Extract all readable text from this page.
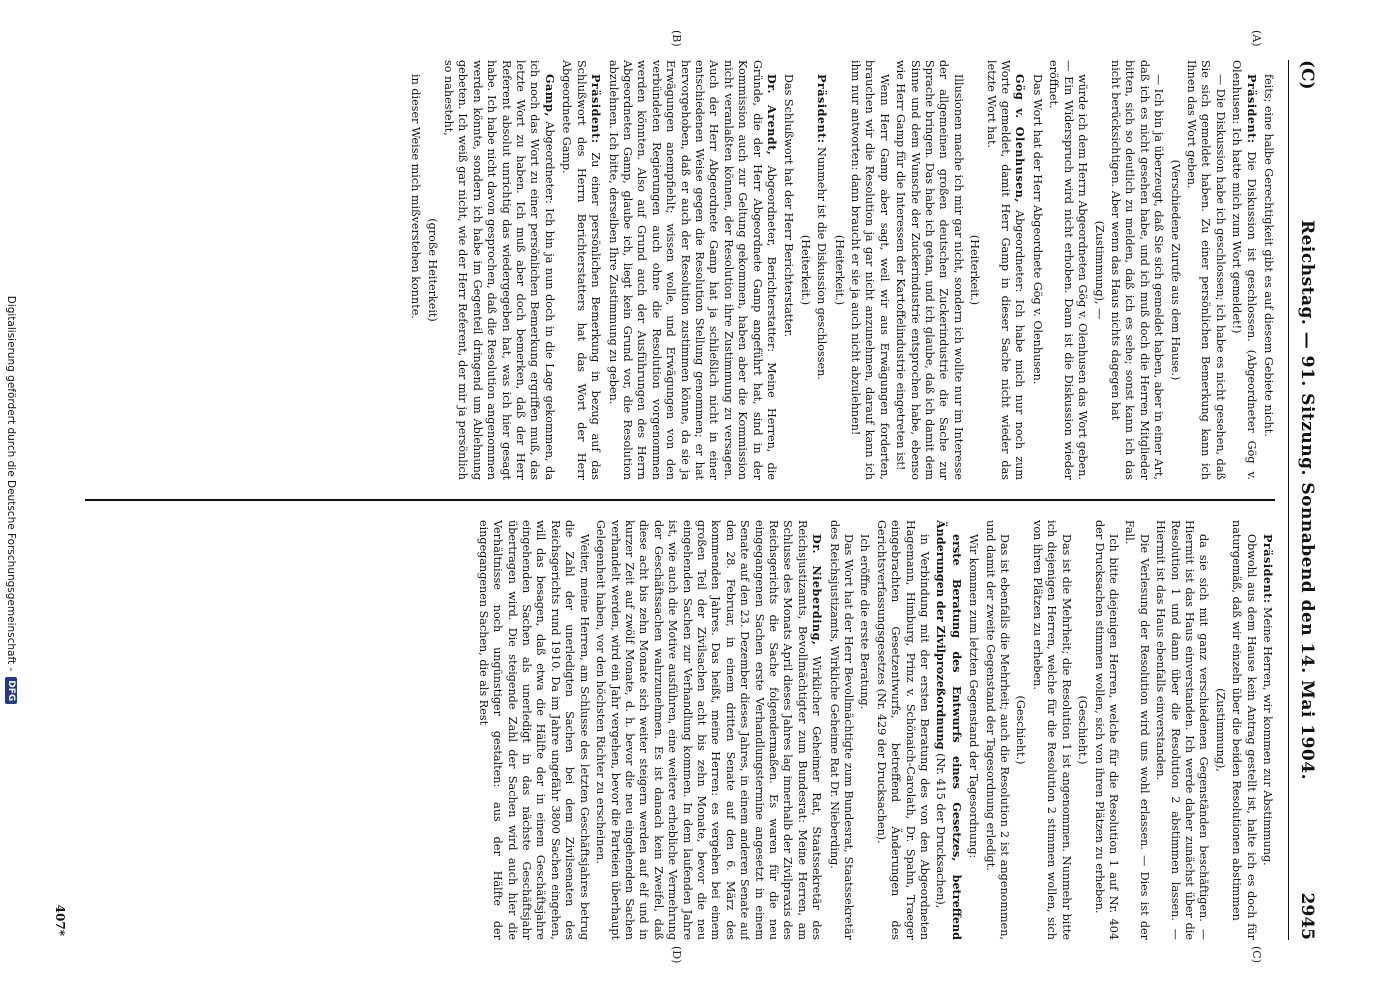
(C)
Reichstag. — 91. Sitzung. Sonnabend den 14. Mai 1904.
2945
(A)
(B)
(C)
(D)

feits; eine halbe Gerechtigkeit gibt es auf diesem Gebiete nicht.

Präsident: Die Diskussion ist geschlossen. (Abgeordneter Gög v. Olenhusen: Ich hatte mich zum Wort gemeldet!)

— Die Diskussion habe ich geschlossen; ich habe es nicht gesehen, daß Sie sich gemeldet haben. Zu einer persönlichen Bemerkung kann ich Ihnen das Wort geben.

(Verschiedene Zurufe aus dem Hause.)

— Ich bin ja überzeugt, daß Sie sich gemeldet haben, aber in einer Art, daß ich es nicht gesehen habe, und ich muß doch die Herren Mitglieder bitten, sich so deutlich zu melden, daß ich es sehe; sonst kann ich das nicht berücksichtigen. Aber wenn das Haus nichts dagegen hat

(Zustimmung), —

würde ich dem Herrn Abgeordneten Gög v. Olenhusen das Wort geben. — Ein Widerspruch wird nicht erhoben. Dann ist die Diskussion wieder eröffnet.

Das Wort hat der Herr Abgeordnete Gög v. Olenhusen.

Gög v. Olenhusen, Abgeordneter: Ich habe mich nur noch zum Worte gemeldet, damit Herr Gamp in dieser Sache nicht wieder das letzte Wort hat.

(Heiterkeit.)

Illusionen mache ich mir gar nicht, sondern ich wollte nur im Interesse der allgemeinen großen deutschen Zuckerindustrie die Sache zur Sprache bringen. Das habe ich getan, und ich glaube, daß ich damit dem Sinne und dem Wunsche der Zuckerindustrie entsprochen habe, ebenso wie Herr Gamp für die Interessen der Kartoffelindustrie eingetreten ist!

Wenn Herr Gamp aber sagt, weil wir aus Erwägungen forderten, brauchen wir die Resolution ja gar nicht anzunehmen, darauf kann ich ihm nur antworten: dann braucht er sie ja auch nicht abzulehnen!

(Heiterkeit.)

Präsident: Nunmehr ist die Diskussion geschlossen.

(Heiterkeit.)

Das Schlußwort hat der Herr Berichterstatter.

Dr. Arendt, Abgeordneter, Berichterstatter: Meine Herren, die Gründe, die der Herr Abgeordnete Gamp angeführt hat, sind in der Kommission auch zur Geltung gekommen, haben aber die Kommission nicht veranlaßten können, der Resolution ihre Zustimmung zu versagen. Auch der Herr Abgeordnete Gamp hat ja schließlich nicht in einer entschiedenen Weise gegen die Resolution Stellung genommen; er hat hervorgehoben, daß er auch der Resolution zustimmen könne, da sie ja Erwägungen anempfiehlt; wissen wolle, und Erwägungen von den verbündeten Regierungen auch ohne die Resolution vorgenommen werden könnten. Also auf Grund auch der Ausführungen des Herrn Abgeordneten Gamp, glaube ich, liegt kein Grund vor, die Resolution abzulehnen. Ich bitte, derselben Ihre Zustimmung zu geben.

Präsident: Zu einer persönlichen Bemerkung in bezug auf das Schlußwort des Herrn Berichterstatters hat das Wort der Herr Abgeordnete Gamp.

Gamp, Abgeordneter: Ich bin ja nun doch in die Lage gekommen, da ich noch das Wort zu einer persönlichen Bemerkung ergriffen muß, das letzte Wort zu haben. Ich muß aber doch bemerken, daß der Herr Referent absolut unrichtig das wiedergegeben hat, was ich hier gesagt habe. Ich habe nicht davon gesprochen, daß die Resolution angenommen werden könnte, sondern ich habe im Gegenteil dringend um Ablehnung gebeten. Ich weiß gar nicht, wie der Herr Referent, der mir ja persönlich so nahesteht,

(große Heiterkeit)

in dieser Weise mich mißverstehen konnte.

Präsident: Meine Herren, wir kommen zur Abstimmung.

Obwohl aus dem Hause kein Antrag gestellt ist, halte ich es doch für naturgemäß, daß wir einzeln über die beiden Resolutionen abstimmen

(Zustimmung),

da sie sich mit ganz verschiedenen Gegenständen beschäftigen. — Hiermit ist das Haus einverstanden. Ich werde daher zunächst über die Resolution 1 und dann über die Resolution 2 abstimmen lassen. — Hiermit ist das Haus ebenfalls einverstanden.

Die Verlesung der Resolution wird uns wohl erlassen. — Dies ist der Fall.

Ich bitte diejenigen Herren, welche für die Resolution 1 auf Nr. 404 der Drucksachen stimmen wollen, sich von ihren Plätzen zu erheben.

(Geschieht.)

Das ist die Mehrheit; die Resolution 1 ist angenommen. Nunmehr bitte ich diejenigen Herren, welche für die Resolution 2 stimmen wollen, sich von ihren Plätzen zu erheben.

(Geschieht.)

Das ist ebenfalls die Mehrheit; auch die Resolution 2 ist angenommen, und damit der zweite Gegenstand der Tagesordnung erledigt.

Wir kommen zum letzten Gegenstand der Tagesordnung:

erste Beratung des Entwurfs eines Gesetzes, betreffend Änderungen der Zivilprozeßordnung (Nr. 415 der Drucksachen),

in Verbindung mit der ersten Beratung des von den Abgeordneten Hagemann, Himburg, Prinz v. Schönaich-Carolath, Dr. Spahn, Traeger eingebrachten Gesetzentwurfs, betreffend Änderungen des Gerichtsverfassungsgesetzes (Nr. 429 der Drucksachen).

Ich eröffne die erste Beratung.

Das Wort hat der Herr Bevollmächtigte zum Bundesrat, Staatssekretär des Reichsjustizamts, Wirkliche Geheime Rat Dr. Nieberding.

Dr. Nieberding, Wirklicher Geheimer Rat, Staatssekretär des Reichsjustizamts, Bevollmächtigter zum Bundesrat: Meine Herren, am Schlusse des Monats April dieses Jahres lag innerhalb der Zivilpraxis des Reichsgerichts die Sache folgendermaßen. Es waren für die neu eingegangenen Sachen erste Verhandlungstermine angesetzt in einem Senate auf den 23. Dezember dieses Jahres, in einem anderen Senate auf den 28. Februar, in einem dritten Senate auf den 6. März des kommenden Jahres. Das heißt, meine Herren: es vergehen bei einem großen Teil der Zivilsachen acht bis zehn Monate, bevor die neu eingehenden Sachen zur Verhandlung kommen. In dem laufenden Jahre ist, wie auch die Motive ausführen, eine weitere erhebliche Vermehrung der Geschäftssachen wahrzunehmen. Es ist danach kein Zweifel, daß diese acht bis zehn Monate sich weiter steigern werden auf elf und in kurzer Zeit auf zwölf Monate, d. h. bevor die neu eingehenden Sachen verhandelt werden, wird ein Jahr vergehen, bevor die Parteien überhaupt Gelegenheit haben, vor den höchsten Richter zu erscheinen.

Weiter, meine Herren, am Schlusse des letzten Geschäftsjahres betrug die Zahl der unerledigten Sachen bei dem Zivilsenaten des Reichsgerichts rund 1910. Da im Jahre ungefähr 3800 Sachen eingehen, will das besagen, daß etwa die Hälfte der in einem Geschäftsjahre eingehenden Sachen als unerledigt in das nächste Geschäftsjahr übertragen wird. Die steigende Zahl der Sachen wird auch hier die Verhältnisse noch ungünstiger gestalten: aus der Hälfte der eingegangenen Sachen, die als Rest

407*
Digitalisierung gefördert durch die Deutsche Forschungsgemeinschaft -
DFG
